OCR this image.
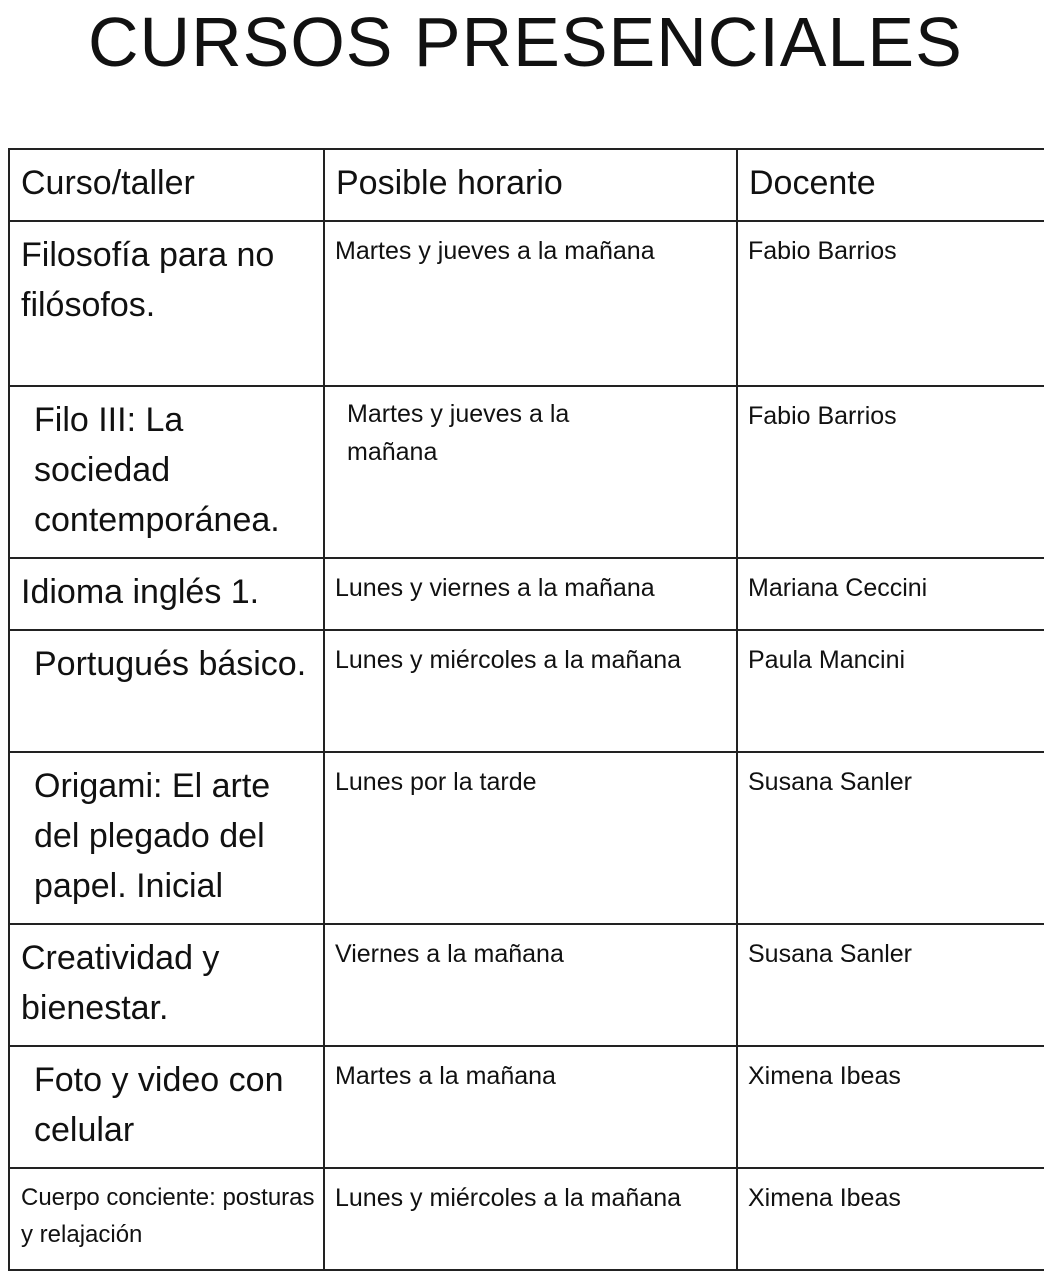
CURSOS PRESENCIALES
Curso/taller	Posible horario	Docente

Filosofía para no filósofos.	Martes y jueves a la mañana	Fabio Barrios

Filo III: La sociedad contemporánea.	Martes y jueves a la mañana	Fabio Barrios

Idioma inglés 1.	Lunes y viernes a la mañana	Mariana Ceccini

Portugués básico.	Lunes y miércoles a la mañana	Paula Mancini

Origami: El arte del plegado del papel. Inicial	Lunes por la tarde	Susana Sanler

Creatividad y bienestar.	Viernes a la mañana	Susana Sanler

Foto y video con celular	Martes a la mañana	Ximena Ibeas

Cuerpo conciente: posturas y relajación	Lunes y miércoles a la mañana	Ximena Ibeas
